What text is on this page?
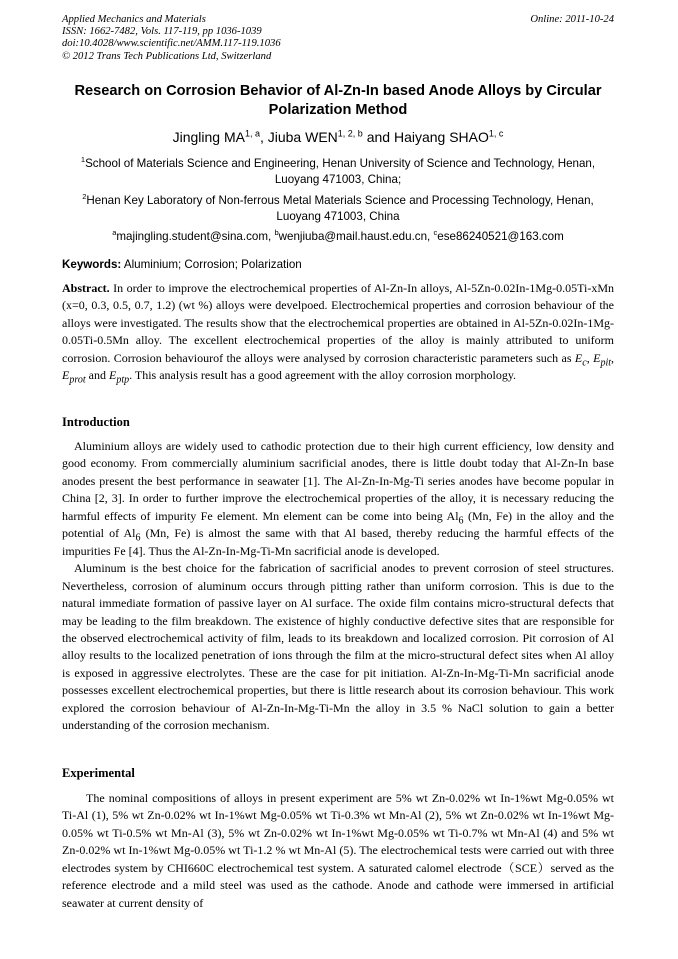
Applied Mechanics and Materials
ISSN: 1662-7482, Vols. 117-119, pp 1036-1039
doi:10.4028/www.scientific.net/AMM.117-119.1036
© 2012 Trans Tech Publications Ltd, Switzerland
Online: 2011-10-24
Research on Corrosion Behavior of Al-Zn-In based Anode Alloys by Circular Polarization Method
Jingling MA$^{1, a}$, Jiuba WEN$^{1, 2, b}$ and Haiyang SHAO$^{1, c}$
$^1$School of Materials Science and Engineering, Henan University of Science and Technology, Henan, Luoyang 471003, China;
$^2$Henan Key Laboratory of Non-ferrous Metal Materials Science and Processing Technology, Henan, Luoyang 471003, China
$^a$majingling.student@sina.com, $^b$wenjiuba@mail.haust.edu.cn, $^c$ese86240521@163.com
Keywords: Aluminium; Corrosion; Polarization
Abstract. In order to improve the electrochemical properties of Al-Zn-In alloys, Al-5Zn-0.02In-1Mg-0.05Ti-xMn (x=0, 0.3, 0.5, 0.7, 1.2) (wt %) alloys were develpoed. Electrochemical properties and corrosion behaviour of the alloys were investigated. The results show that the electrochemical properties are obtained in Al-5Zn-0.02In-1Mg-0.05Ti-0.5Mn alloy. The excellent electrochemical properties of the alloy is mainly attributed to uniform corrosion. Corrosion behaviourof the alloys were analysed by corrosion characteristic parameters such as $E_c$, $E_{pit}$, $E_{prot}$ and $E_{ptp}$. This analysis result has a good agreement with the alloy corrosion morphology.
Introduction

Aluminium alloys are widely used to cathodic protection due to their high current efficiency, low density and good economy. From commercially aluminium sacrificial anodes, there is little doubt today that Al-Zn-In base anodes present the best performance in seawater [1]. The Al-Zn-In-Mg-Ti series anodes have become popular in China [2, 3]. In order to further improve the electrochemical properties of the alloy, it is necessary reducing the harmful effects of impurity Fe element. Mn element can be come into being $Al_6$ (Mn, Fe) in the alloy and the potential of $Al_6$ (Mn, Fe) is almost the same with that Al based, thereby reducing the harmful effects of the impurities Fe [4]. Thus the Al-Zn-In-Mg-Ti-Mn sacrificial anode is developed.

Aluminum is the best choice for the fabrication of sacrificial anodes to prevent corrosion of steel structures. Nevertheless, corrosion of aluminum occurs through pitting rather than uniform corrosion. This is due to the natural immediate formation of passive layer on Al surface. The oxide film contains micro-structural defects that may be leading to the film breakdown. The existence of highly conductive defective sites that are responsible for the observed electrochemical activity of film, leads to its breakdown and localized corrosion. Pit corrosion of Al alloy results to the localized penetration of ions through the film at the micro-structural defect sites when Al alloy is exposed in aggressive electrolytes. These are the case for pit initiation. Al-Zn-In-Mg-Ti-Mn sacrificial anode possesses excellent electrochemical properties, but there is little research about its corrosion behaviour. This work explored the corrosion behaviour of Al-Zn-In-Mg-Ti-Mn the alloy in 3.5 % NaCl solution to gain a better understanding of the corrosion mechanism.

Experimental

The nominal compositions of alloys in present experiment are 5% wt Zn-0.02% wt In-1%wt Mg-0.05% wt Ti-Al (1), 5% wt Zn-0.02% wt In-1%wt Mg-0.05% wt Ti-0.3% wt Mn-Al (2), 5% wt Zn-0.02% wt In-1%wt Mg-0.05% wt Ti-0.5% wt Mn-Al (3), 5% wt Zn-0.02% wt In-1%wt Mg-0.05% wt Ti-0.7% wt Mn-Al (4) and 5% wt Zn-0.02% wt In-1%wt Mg-0.05% wt Ti-1.2 % wt Mn-Al (5). The electrochemical tests were carried out with three electrodes system by CHI660C electrochemical test system. A saturated calomel electrode（SCE）served as the reference electrode and a mild steel was used as the cathode. Anode and cathode were immersed in artificial seawater at current density of
